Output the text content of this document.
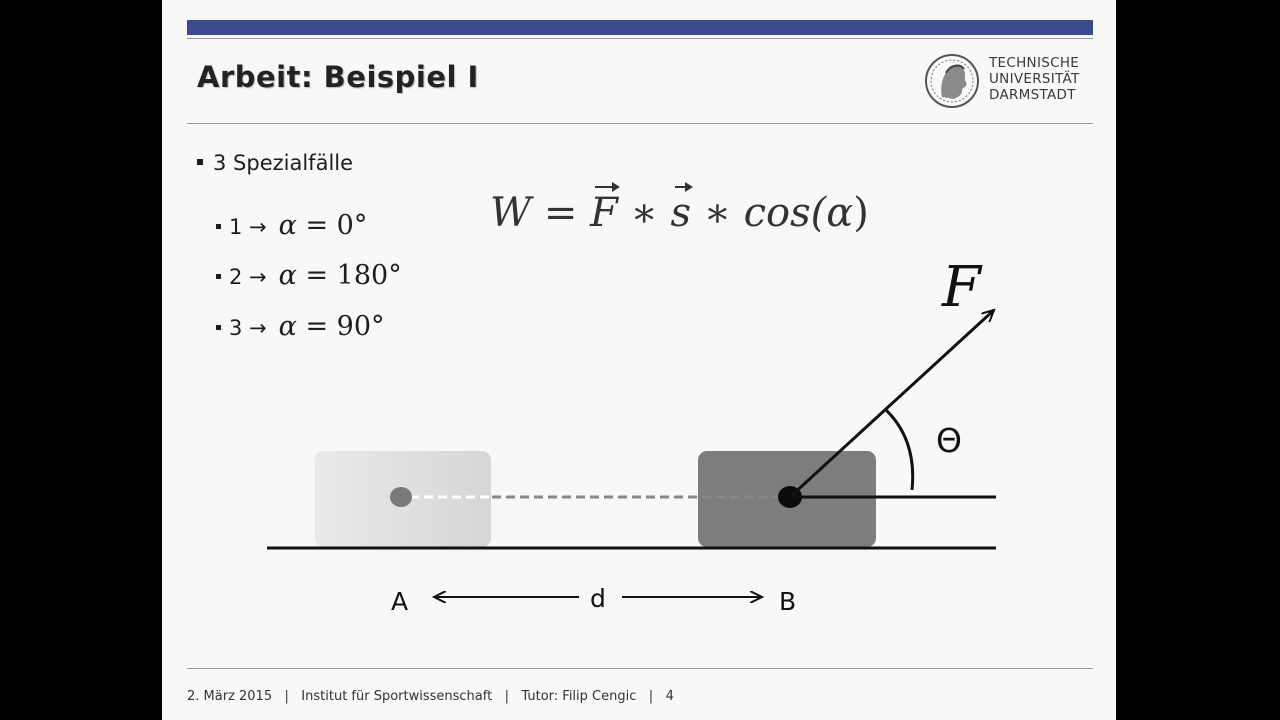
Arbeit: Beispiel I	TECHNISCHE
UNIVERSITÄT
DARMSTADT
3 Spezialfälle
1 → α = 0°
2 → α = 180°
3 → α = 90°
W = F ∗ s ∗ cos(α)
F
Θ
A	d	B
2. März 2015   |   Institut für Sportwissenschaft   |   Tutor: Filip Cengic   |   4
